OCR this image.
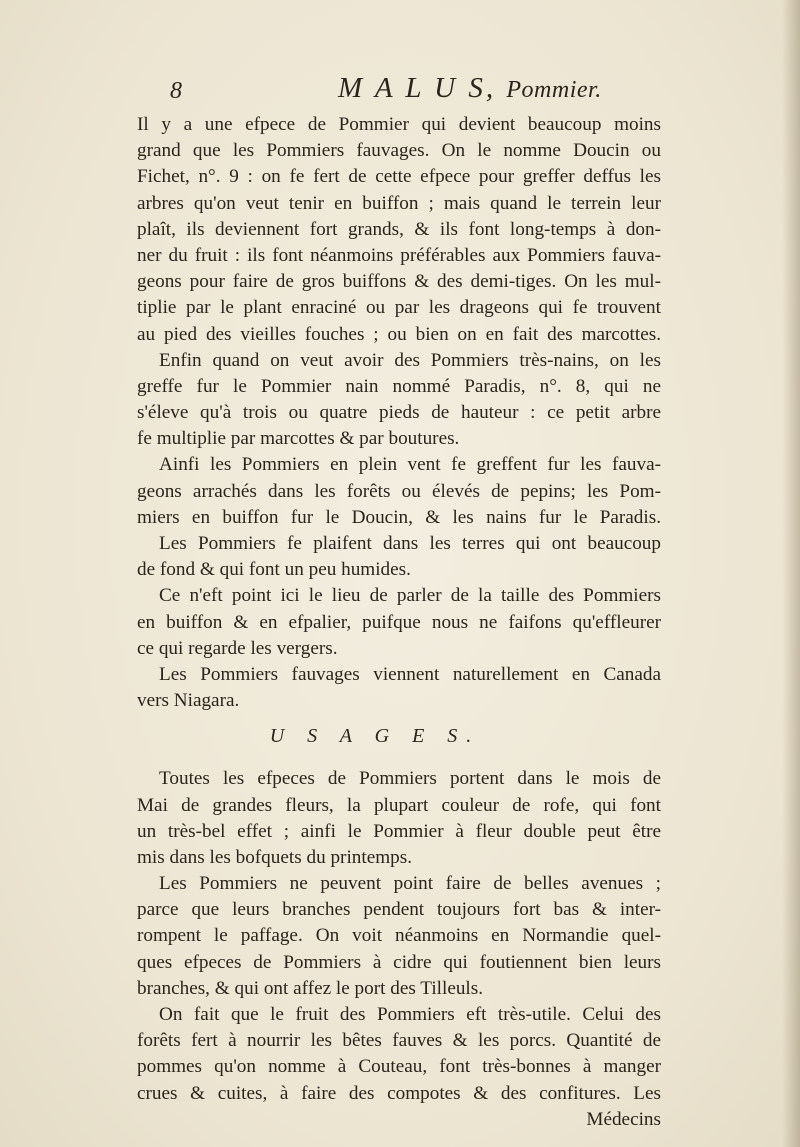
8	M A L U S, Pommier.
Il y a une efpece de Pommier qui devient beaucoup moins
grand que les Pommiers fauvages. On le nomme Doucin ou
Fichet, n°. 9 : on fe fert de cette efpece pour greffer deffus les
arbres qu'on veut tenir en buiffon ; mais quand le terrein leur
plaît, ils deviennent fort grands, & ils font long-temps à don-
ner du fruit : ils font néanmoins préférables aux Pommiers fauva-
geons pour faire de gros buiffons & des demi-tiges. On les mul-
tiplie par le plant enraciné ou par les drageons qui fe trouvent
au pied des vieilles fouches ; ou bien on en fait des marcottes.
Enfin quand on veut avoir des Pommiers très-nains, on les
greffe fur le Pommier nain nommé Paradis, n°. 8, qui ne
s'éleve qu'à trois ou quatre pieds de hauteur : ce petit arbre
fe multiplie par marcottes & par boutures.
Ainfi les Pommiers en plein vent fe greffent fur les fauva-
geons arrachés dans les forêts ou élevés de pepins; les Pom-
miers en buiffon fur le Doucin, & les nains fur le Paradis.
Les Pommiers fe plaifent dans les terres qui ont beaucoup
de fond & qui font un peu humides.
Ce n'eft point ici le lieu de parler de la taille des Pommiers
en buiffon & en efpalier, puifque nous ne faifons qu'effleurer
ce qui regarde les vergers.
Les Pommiers fauvages viennent naturellement en Canada
vers Niagara.
U S A G E S.
Toutes les efpeces de Pommiers portent dans le mois de
Mai de grandes fleurs, la plupart couleur de rofe, qui font
un très-bel effet ; ainfi le Pommier à fleur double peut être
mis dans les bofquets du printemps.
Les Pommiers ne peuvent point faire de belles avenues ;
parce que leurs branches pendent toujours fort bas & inter-
rompent le paffage. On voit néanmoins en Normandie quel-
ques efpeces de Pommiers à cidre qui foutiennent bien leurs
branches, & qui ont affez le port des Tilleuls.
On fait que le fruit des Pommiers eft très-utile. Celui des
forêts fert à nourrir les bêtes fauves & les porcs. Quantité de
pommes qu'on nomme à Couteau, font très-bonnes à manger
crues & cuites, à faire des compotes & des confitures. Les
Médecins
